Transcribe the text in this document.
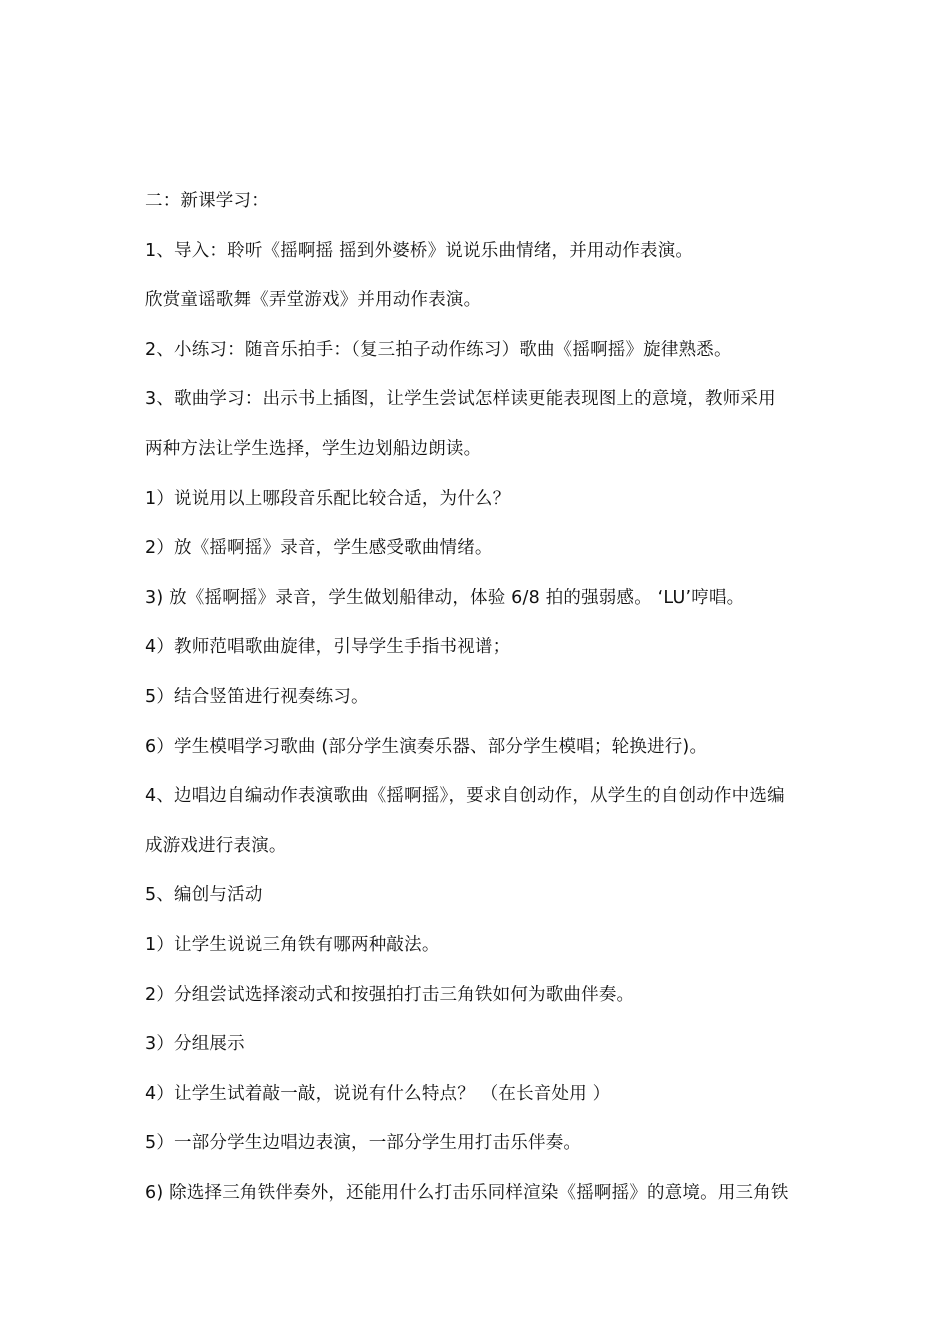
二：新课学习：
1、导入：聆听《摇啊摇 摇到外婆桥》说说乐曲情绪，并用动作表演。
欣赏童谣歌舞《弄堂游戏》并用动作表演。
2、小练习：随音乐拍手：（复三拍子动作练习）歌曲《摇啊摇》旋律熟悉。
3、歌曲学习：出示书上插图，让学生尝试怎样读更能表现图上的意境，教师采用
两种方法让学生选择，学生边划船边朗读。
1）说说用以上哪段音乐配比较合适，为什么？
2）放《摇啊摇》录音，学生感受歌曲情绪。
3) 放《摇啊摇》录音，学生做划船律动，体验 6/8 拍的强弱感。 ‘LU’哼唱。
4）教师范唱歌曲旋律，引导学生手指书视谱；
5）结合竖笛进行视奏练习。
6）学生模唱学习歌曲 (部分学生演奏乐器、部分学生模唱；轮换进行)。
4、边唱边自编动作表演歌曲《摇啊摇》，要求自创动作，从学生的自创动作中选编
成游戏进行表演。
5、编创与活动
1）让学生说说三角铁有哪两种敲法。
2）分组尝试选择滚动式和按强拍打击三角铁如何为歌曲伴奏。
3）分组展示
4）让学生试着敲一敲，说说有什么特点？ （在长音处用 ）
5）一部分学生边唱边表演，一部分学生用打击乐伴奏。
6) 除选择三角铁伴奏外，还能用什么打击乐同样渲染《摇啊摇》的意境。用三角铁
